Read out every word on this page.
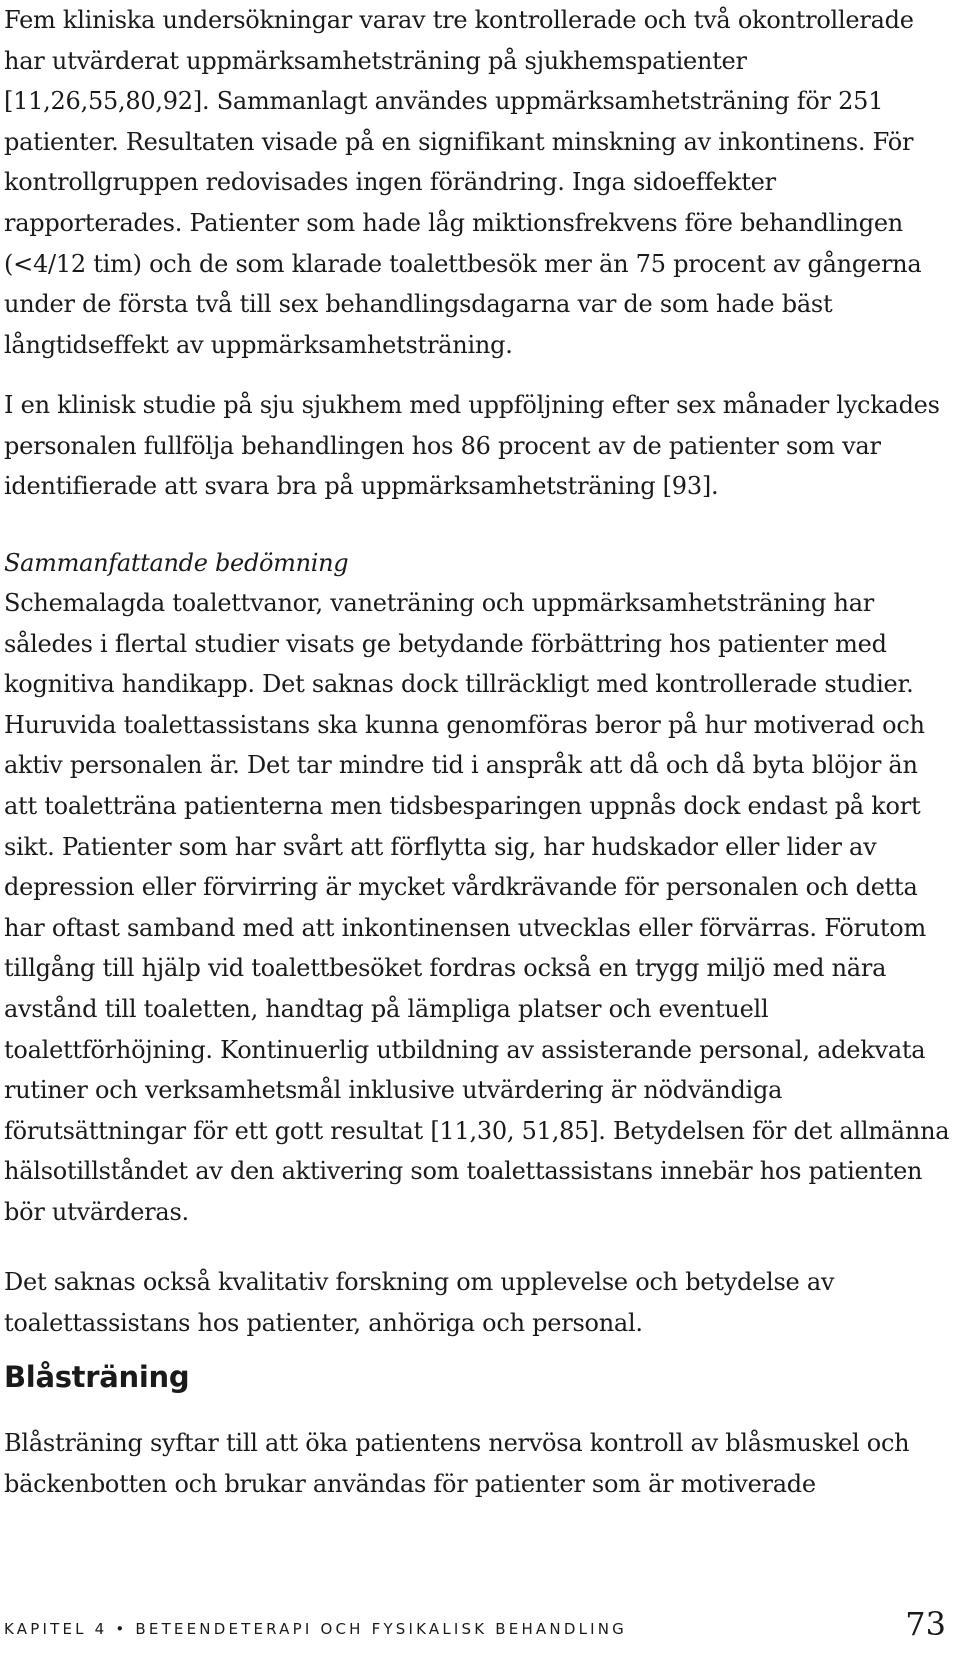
Fem kliniska undersökningar varav tre kontrollerade och två okontrollerade har utvärderat uppmärksamhetsträning på sjukhemspatienter [11,26,55,80,92]. Sammanlagt användes uppmärksamhetsträning för 251 patienter. Resultaten visade på en signifikant minskning av inkontinens. För kontrollgruppen redovisades ingen förändring. Inga sidoeffekter rapporterades. Patienter som hade låg miktionsfrekvens före behandlingen (<4/12 tim) och de som klarade toalettbesök mer än 75 procent av gångerna under de första två till sex behandlingsdagarna var de som hade bäst långtidseffekt av uppmärksamhetsträning.

I en klinisk studie på sju sjukhem med uppföljning efter sex månader lyckades personalen fullfölja behandlingen hos 86 procent av de patienter som var identifierade att svara bra på uppmärksamhetsträning [93].

Sammanfattande bedömning

Schemalagda toalettvanor, vaneträning och uppmärksamhetsträning har således i flertal studier visats ge betydande förbättring hos patienter med kognitiva handikapp. Det saknas dock tillräckligt med kontrollerade studier. Huruvida toalettassistans ska kunna genomföras beror på hur motiverad och aktiv personalen är. Det tar mindre tid i anspråk att då och då byta blöjor än att toaletträna patienterna men tidsbesparingen uppnås dock endast på kort sikt. Patienter som har svårt att förflytta sig, har hudskador eller lider av depression eller förvirring är mycket vårdkrävande för personalen och detta har oftast samband med att inkontinensen utvecklas eller förvärras. Förutom tillgång till hjälp vid toalettbesöket fordras också en trygg miljö med nära avstånd till toaletten, handtag på lämpliga platser och eventuell toalettförhöjning. Kontinuerlig utbildning av assisterande personal, adekvata rutiner och verksamhetsmål inklusive utvärdering är nödvändiga förutsättningar för ett gott resultat [11,30, 51,85]. Betydelsen för det allmänna hälsotillståndet av den aktivering som toalettassistans innebär hos patienten bör utvärderas.

Det saknas också kvalitativ forskning om upplevelse och betydelse av toalettassistans hos patienter, anhöriga och personal.

Blåsträning

Blåsträning syftar till att öka patientens nervösa kontroll av blåsmuskel och bäckenbotten och brukar användas för patienter som är motiverade

KAPITEL 4 • BETEENDETERAPI OCH FYSIKALISK BEHANDLING	73
